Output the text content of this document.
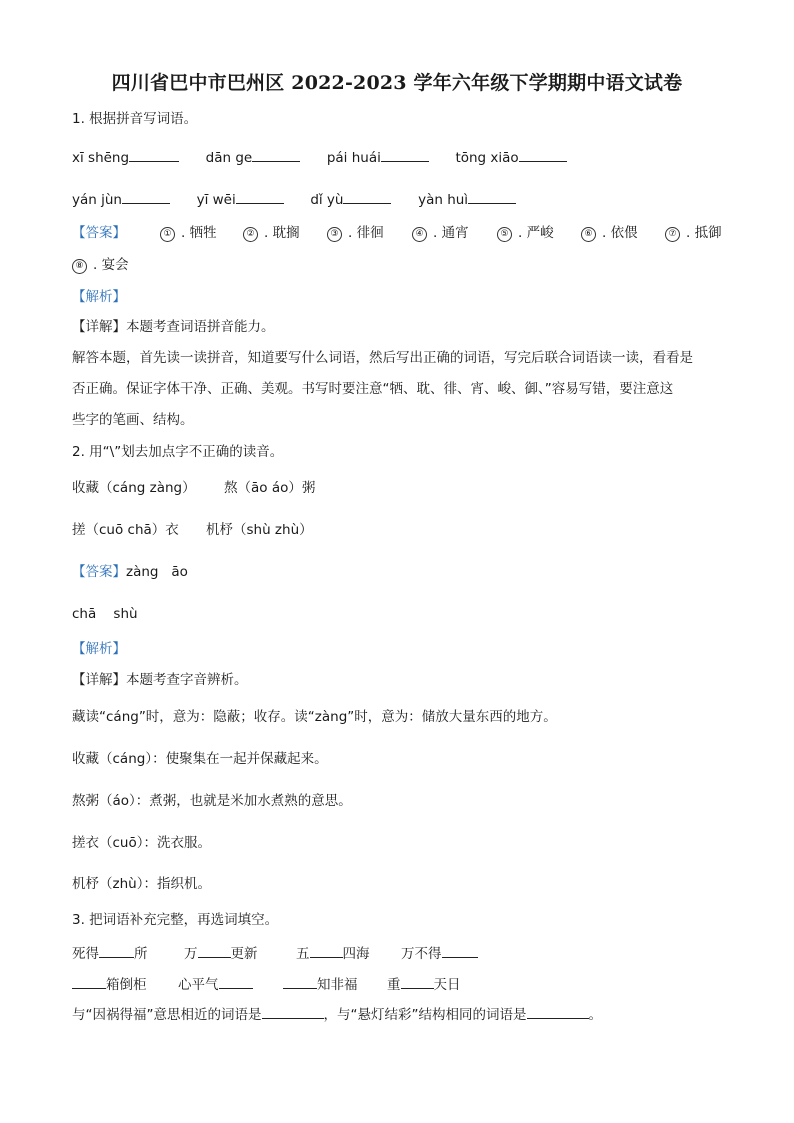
四川省巴中市巴州区 2022-2023 学年六年级下学期期中语文试卷
1. 根据拼音写词语。
xī shēng	dān ge	pái huái	tōng xiāo
yán jùn	yī wēi	dǐ yù	yàn huì
【答案】	① . 牺牲	② . 耽搁	③ . 徘徊	④ . 通宵	⑤ . 严峻	⑥ . 依偎	⑦ . 抵御
⑧ . 宴会
【解析】
【详解】本题考查词语拼音能力。
解答本题，首先读一读拼音，知道要写什么词语，然后写出正确的词语，写完后联合词语读一读，看看是
否正确。保证字体干净、正确、美观。书写时要注意“牺、耽、徘、宵、峻、御、”容易写错，要注意这
些字的笔画、结构。
2. 用“\”划去加点字不正确的读音。
收藏（cáng zàng） 熬（āo áo）粥
搓（cuō chā）衣 机杼（shù zhù）
【答案】zàng   āo
chā    shù
【解析】
【详解】本题考查字音辨析。
藏读“cáng”时，意为：隐蔽；收存。读“zàng”时，意为：储放大量东西的地方。
收藏（cáng）：使聚集在一起并保藏起来。
熬粥（áo）：煮粥，也就是米加水煮熟的意思。
搓衣（cuō）：洗衣服。
机杼（zhù）：指织机。
3. 把词语补充完整，再选词填空。
死得	所	万 更新	五 四海 万不得
箱倒柜 心平气	知非福 重 天日
与“因祸得福”意思相近的词语是	，与“悬灯结彩”结构相同的词语是	。
